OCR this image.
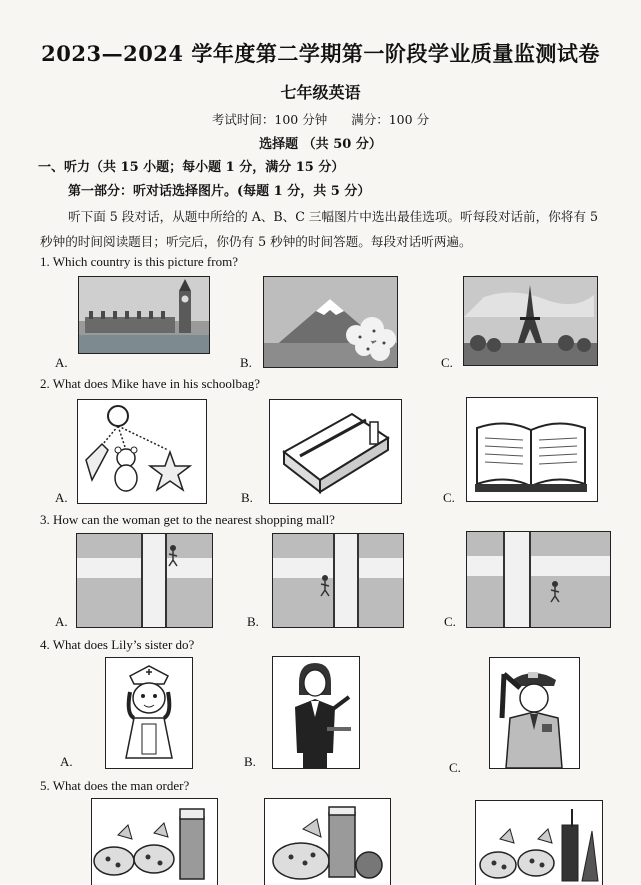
2023—2024 学年度第二学期第一阶段学业质量监测试卷
七年级英语
考试时间：100 分钟 满分：100 分
选择题 （共 50 分）
一、听力（共 15 小题；每小题 1 分，满分 15 分）
第一部分：听对话选择图片。(每题 1 分，共 5 分）
听下面 5 段对话，从题中所给的 A、B、C 三幅图片中选出最佳选项。听每段对话前，你将有 5 秒钟的时间阅读题目；听完后，你仍有 5 秒钟的时间答题。每段对话听两遍。
1. Which country is this picture from?
A.	B.	C.
2. What does Mike have in his schoolbag?
A.	B.	C.
3. How can the woman get to the nearest shopping mall?
A.	B.	C.
4. What does Lily’s sister do?
A.	B.	C.
5. What does the man order?
